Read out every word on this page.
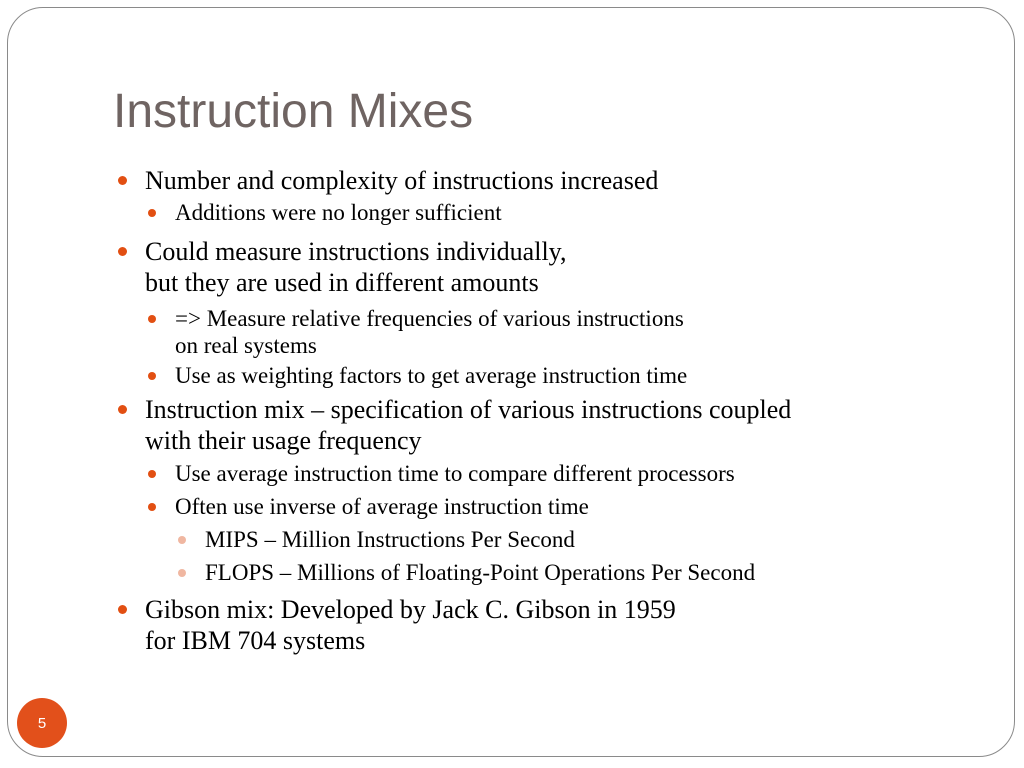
Instruction Mixes
Number and complexity of instructions increased
Additions were no longer sufficient
Could measure instructions individually,
but they are used in different amounts
=> Measure relative frequencies of various instructions
on real systems
Use as weighting factors to get average instruction time
Instruction mix – specification of various instructions coupled
with their usage frequency
Use average instruction time to compare different processors
Often use inverse of average instruction time
MIPS – Million Instructions Per Second
FLOPS – Millions of Floating-Point Operations Per Second
Gibson mix: Developed by Jack C. Gibson in 1959
for IBM 704 systems
5
